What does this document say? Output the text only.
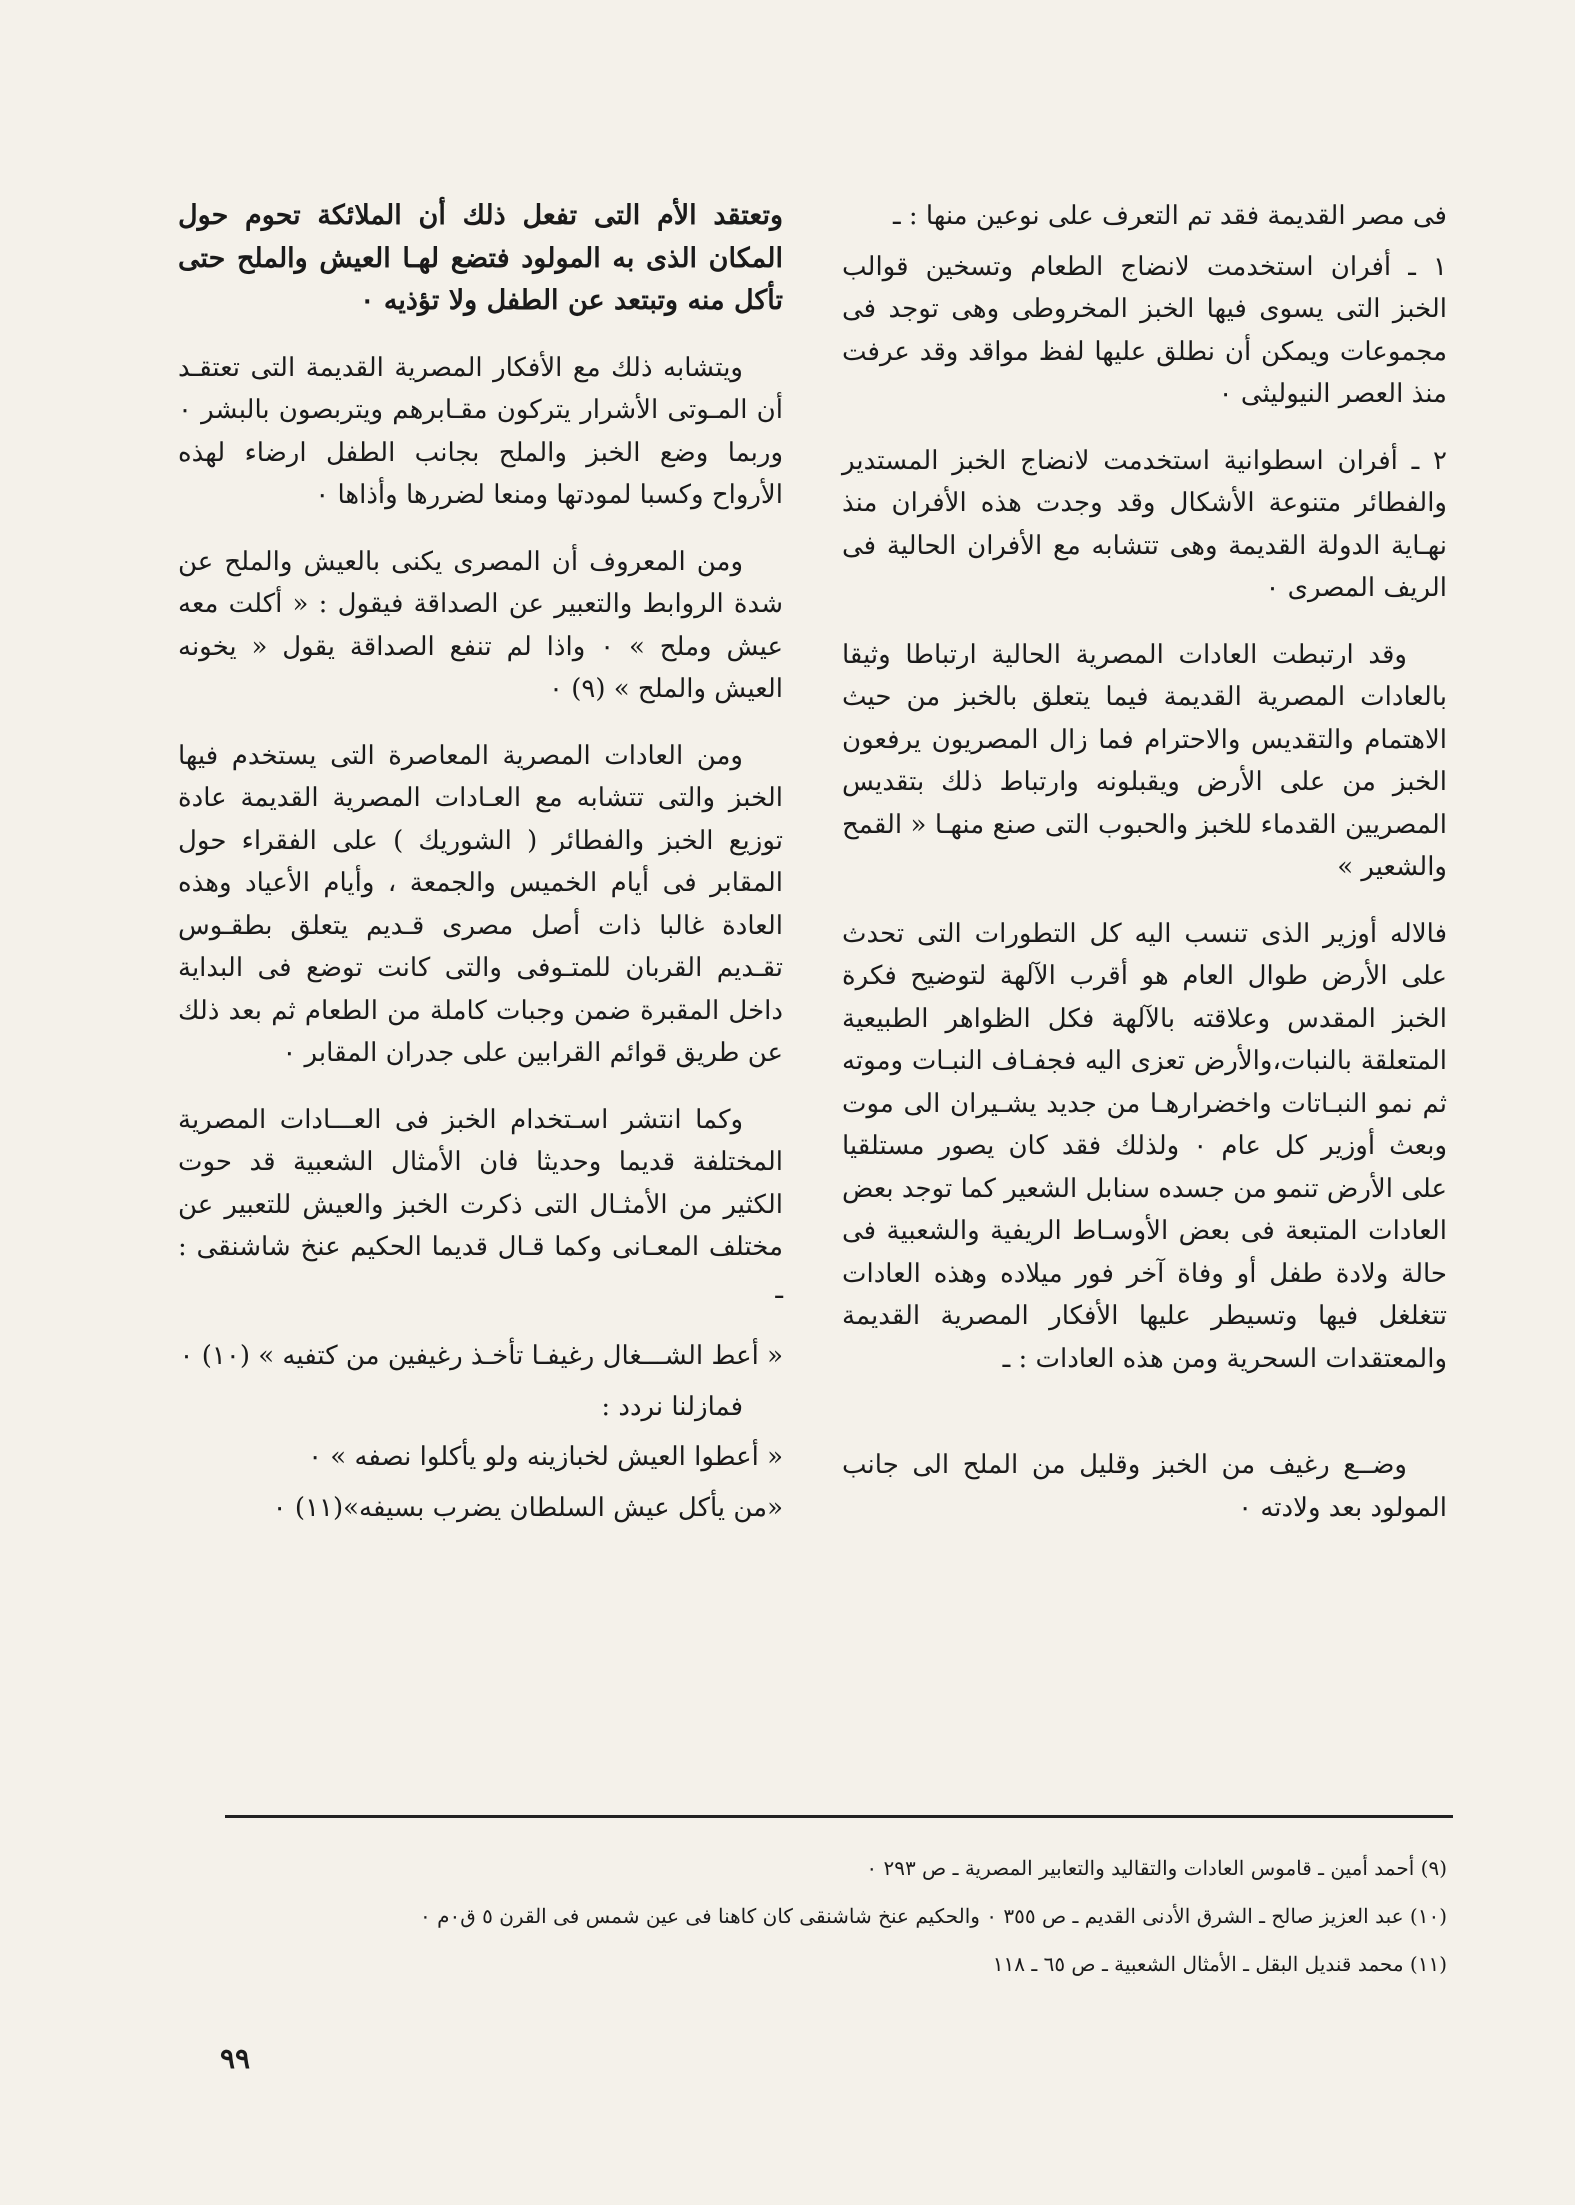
فى مصر القديمة فقد تم التعرف على نوعين منها : ـ

١ ـ أفران استخدمت لانضاج الطعام وتسخين قوالب الخبز التى يسوى فيها الخبز المخروطى وهى توجد فى مجموعات ويمكن أن نطلق عليها لفظ مواقد وقد عرفت منذ العصر النيوليثى ٠

٢ ـ أفران اسطوانية استخدمت لانضاج الخبز المستدير والفطائر متنوعة الأشكال وقد وجدت هذه الأفران منذ نهـاية الدولة القديمة وهى تتشابه مع الأفران الحالية فى الريف المصرى ٠

وقد ارتبطت العادات المصرية الحالية ارتباطا وثيقا بالعادات المصرية القديمة فيما يتعلق بالخبز من حيث الاهتمام والتقديس والاحترام فما زال المصريون يرفعون الخبز من على الأرض ويقبلونه وارتباط ذلك بتقديس المصريين القدماء للخبز والحبوب التى صنع منهـا « القمح والشعير »

فالاله أوزير الذى تنسب اليه كل التطورات التى تحدث على الأرض طوال العام هو أقرب الآلهة لتوضيح فكرة الخبز المقدس وعلاقته بالآلهة فكل الظواهر الطبيعية المتعلقة بالنبات،والأرض تعزى اليه فجفـاف النبـات وموته ثم نمو النبـاتات واخضرارهـا من جديد يشـيران الى موت وبعث أوزير كل عام ٠ ولذلك فقد كان يصور مستلقيا على الأرض تنمو من جسده سنابل الشعير كما توجد بعض العادات المتبعة فى بعض الأوسـاط الريفية والشعبية فى حالة ولادة طفل أو وفاة آخر فور ميلاده وهذه العادات تتغلغل فيها وتسيطر عليها الأفكار المصرية القديمة والمعتقدات السحرية ومن هذه العادات : ـ

وضــع رغيف من الخبز وقليل من الملح الى جانب المولود بعد ولادته ٠

وتعتقد الأم التى تفعل ذلك أن الملائكة تحوم حول المكان الذى به المولود فتضع لهـا العيش والملح حتى تأكل منه وتبتعد عن الطفل ولا تؤذيه ٠

ويتشابه ذلك مع الأفكار المصرية القديمة التى تعتقـد أن المـوتى الأشرار يتركون مقـابرهم ويتربصون بالبشر ٠ وربما وضع الخبز والملح بجانب الطفل ارضاء لهذه الأرواح وكسبا لمودتها ومنعا لضررها وأذاها ٠

ومن المعروف أن المصرى يكنى بالعيش والملح عن شدة الروابط والتعبير عن الصداقة فيقول : « أكلت معه عيش وملح » ٠ واذا لم تنفع الصداقة يقول « يخونه العيش والملح » (٩) ٠

ومن العادات المصرية المعاصرة التى يستخدم فيها الخبز والتى تتشابه مع العـادات المصرية القديمة عادة توزيع الخبز والفطائر ( الشوريك ) على الفقراء حول المقابر فى أيام الخميس والجمعة ، وأيام الأعياد وهذه العادة غالبا ذات أصل مصرى قـديم يتعلق بطقـوس تقـديم القربان للمتـوفى والتى كانت توضع فى البداية داخل المقبرة ضمن وجبات كاملة من الطعام ثم بعد ذلك عن طريق قوائم القرابين على جدران المقابر ٠

وكما انتشر اسـتخدام الخبز فى العـــادات المصرية المختلفة قديما وحديثا فان الأمثال الشعبية قد حوت الكثير من الأمثـال التى ذكرت الخبز والعيش للتعبير عن مختلف المعـانى وكما قـال قديما الحكيم عنخ شاشنقى : ـ

« أعط الشـــغال رغيفـا تأخـذ رغيفين من كتفيه » (١٠) ٠

فمازلنا نردد :

« أعطوا العيش لخبازينه ولو يأكلوا نصفه » ٠

«من يأكل عيش السلطان يضرب بسيفه»(١١) ٠

(٩) أحمد أمين ـ قاموس العادات والتقاليد والتعابير المصرية ـ ص ٢٩٣ ٠

(١٠) عبد العزيز صالح ـ الشرق الأدنى القديم ـ ص ٣٥٥ ٠ والحكيم عنخ شاشنقى كان كاهنا فى عين شمس فى القرن ٥ ق٠م ٠

(١١) محمد قنديل البقل ـ الأمثال الشعبية ـ ص ٦٥ ـ ١١٨

٩٩
